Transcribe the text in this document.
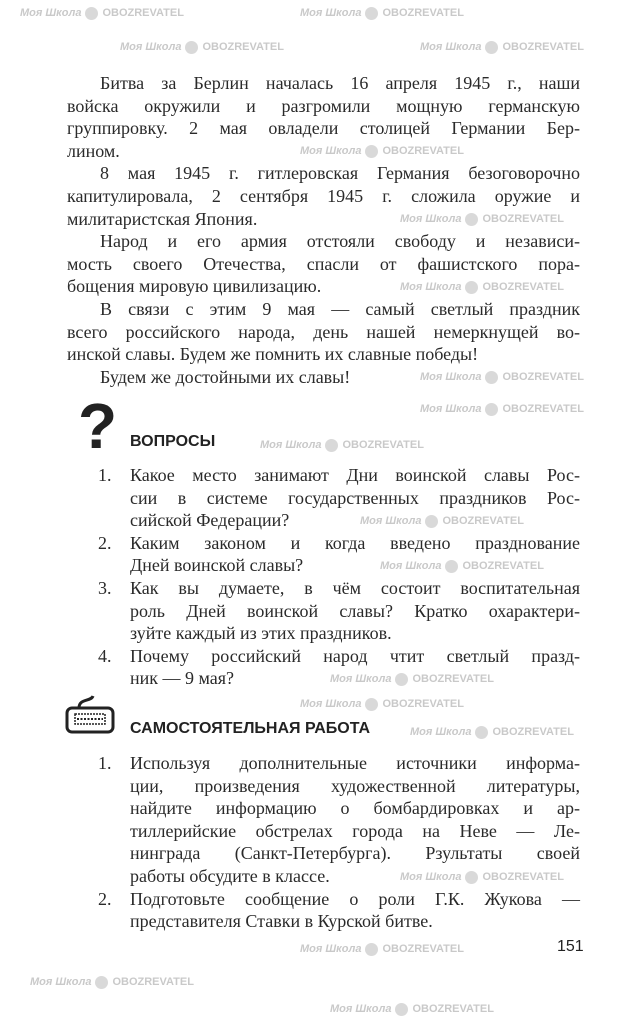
Моя Школа OBOZREVATEL	Моя Школа OBOZREVATEL
Моя Школа OBOZREVATEL	Моя Школа OBOZREVATEL
Моя Школа OBOZREVATEL
Моя Школа OBOZREVATEL
Моя Школа OBOZREVATEL
Моя Школа OBOZREVATEL
Моя Школа OBOZREVATEL
Моя Школа OBOZREVATEL
Моя Школа OBOZREVATEL
Моя Школа OBOZREVATEL
Моя Школа OBOZREVATEL
Моя Школа OBOZREVATEL
Моя Школа OBOZREVATEL
Моя Школа OBOZREVATEL
Моя Школа OBOZREVATEL
Моя Школа OBOZREVATEL
Моя Школа OBOZREVATEL
Битва за Берлин началась 16 апреля 1945 г., наши
войска окружили и разгромили мощную германскую
группировку. 2 мая овладели столицей Германии Бер-
лином.
8 мая 1945 г. гитлеровская Германия безоговорочно
капитулировала, 2 сентября 1945 г. сложила оружие и
милитаристская Япония.
Народ и его армия отстояли свободу и независи-
мость своего Отечества, спасли от фашистского пора-
бощения мировую цивилизацию.
В связи с этим 9 мая — самый светлый праздник
всего российского народа, день нашей немеркнущей во-
инской славы. Будем же помнить их славные победы!
Будем же достойными их славы!
? ВОПРОСЫ
1. Какое место занимают Дни воинской славы Рос-
сии в системе государственных праздников Рос-
сийской Федерации?
2. Каким законом и когда введено празднование
Дней воинской славы?
3. Как вы думаете, в чём состоит воспитательная
роль Дней воинской славы? Кратко охарактери-
зуйте каждый из этих праздников.
4. Почему российский народ чтит светлый празд-
ник — 9 мая?
САМОСТОЯТЕЛЬНАЯ РАБОТА
1. Используя дополнительные источники информа-
ции, произведения художественной литературы,
найдите информацию о бомбардировках и ар-
тиллерийские обстрелах города на Неве — Ле-
нинграда (Санкт-Петербурга). Рзультаты своей
работы обсудите в классе.
2. Подготовьте сообщение о роли Г.К. Жукова —
представителя Ставки в Курской битве.
151
